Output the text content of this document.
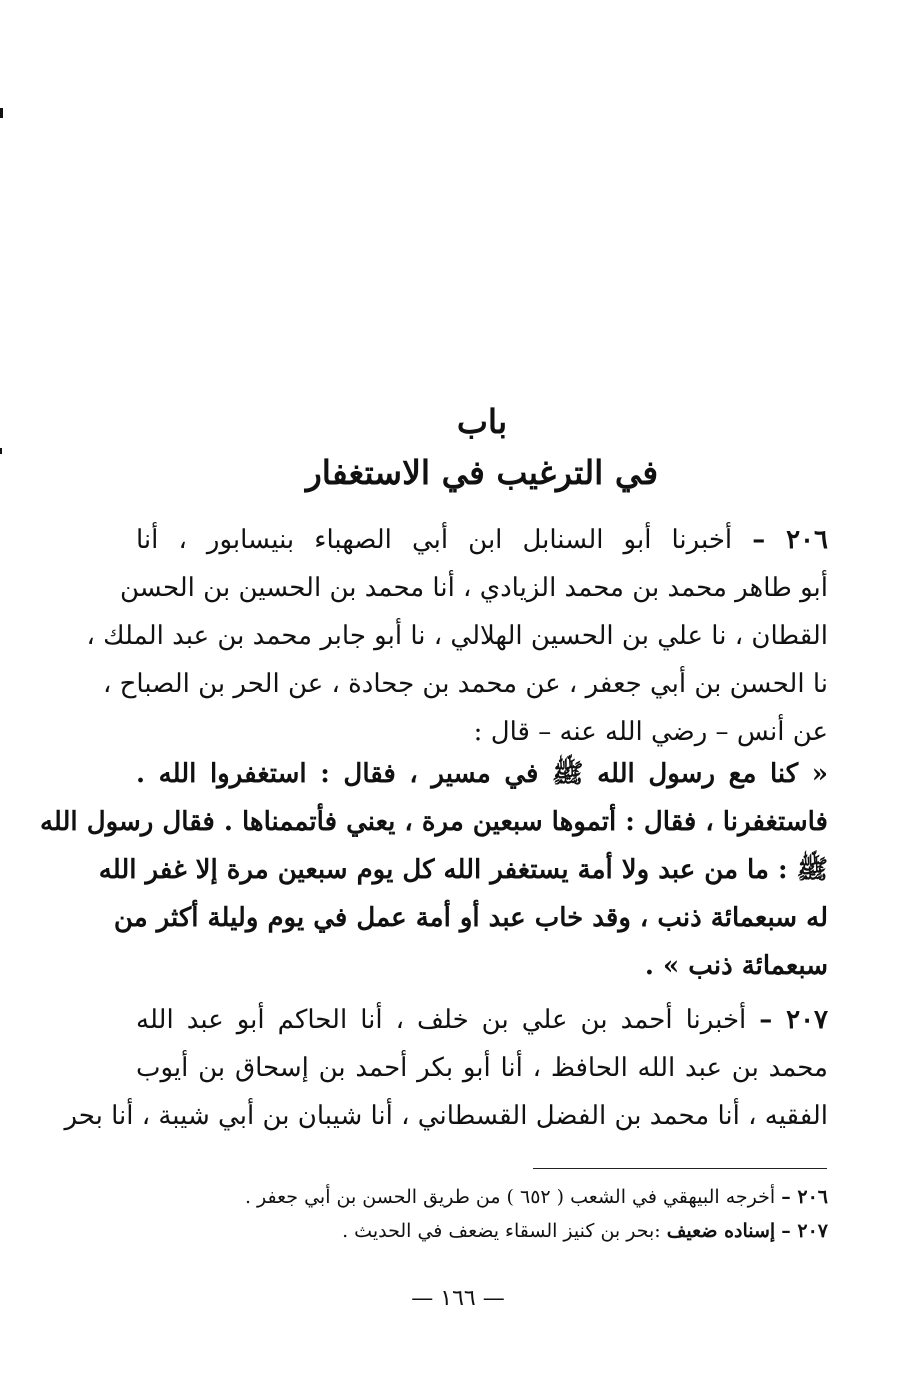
باب
في الترغيب في الاستغفار
٢٠٦ – أخبرنا أبو السنابل ابن أبي الصهباء بنيسابور ، أنا
أبو طاهر محمد بن محمد الزيادي ، أنا محمد بن الحسين بن الحسن
القطان ، نا علي بن الحسين الهلالي ، نا أبو جابر محمد بن عبد الملك ،
نا الحسن بن أبي جعفر ، عن محمد بن جحادة ، عن الحر بن الصباح ،
عن أنس – رضي الله عنه – قال :
« كنا مع رسول الله ﷺ في مسير ، فقال : استغفروا الله .
فاستغفرنا ، فقال : أتموها سبعين مرة ، يعني فأتممناها . فقال رسول الله
ﷺ : ما من عبد ولا أمة يستغفر الله كل يوم سبعين مرة إلا غفر الله
له سبعمائة ذنب ، وقد خاب عبد أو أمة عمل في يوم وليلة أكثر من
سبعمائة ذنب » .
٢٠٧ – أخبرنا أحمد بن علي بن خلف ، أنا الحاكم أبو عبد الله
محمد بن عبد الله الحافظ ، أنا أبو بكر أحمد بن إسحاق بن أيوب
الفقيه ، أنا محمد بن الفضل القسطاني ، أنا شيبان بن أبي شيبة ، أنا بحر
٢٠٦ – أخرجه البيهقي في الشعب ( ٦٥٢ ) من طريق الحسن بن أبي جعفر .
٢٠٧ – إسناده ضعيف :بحر بن كنيز السقاء يضعف في الحديث .
— ١٦٦ —
